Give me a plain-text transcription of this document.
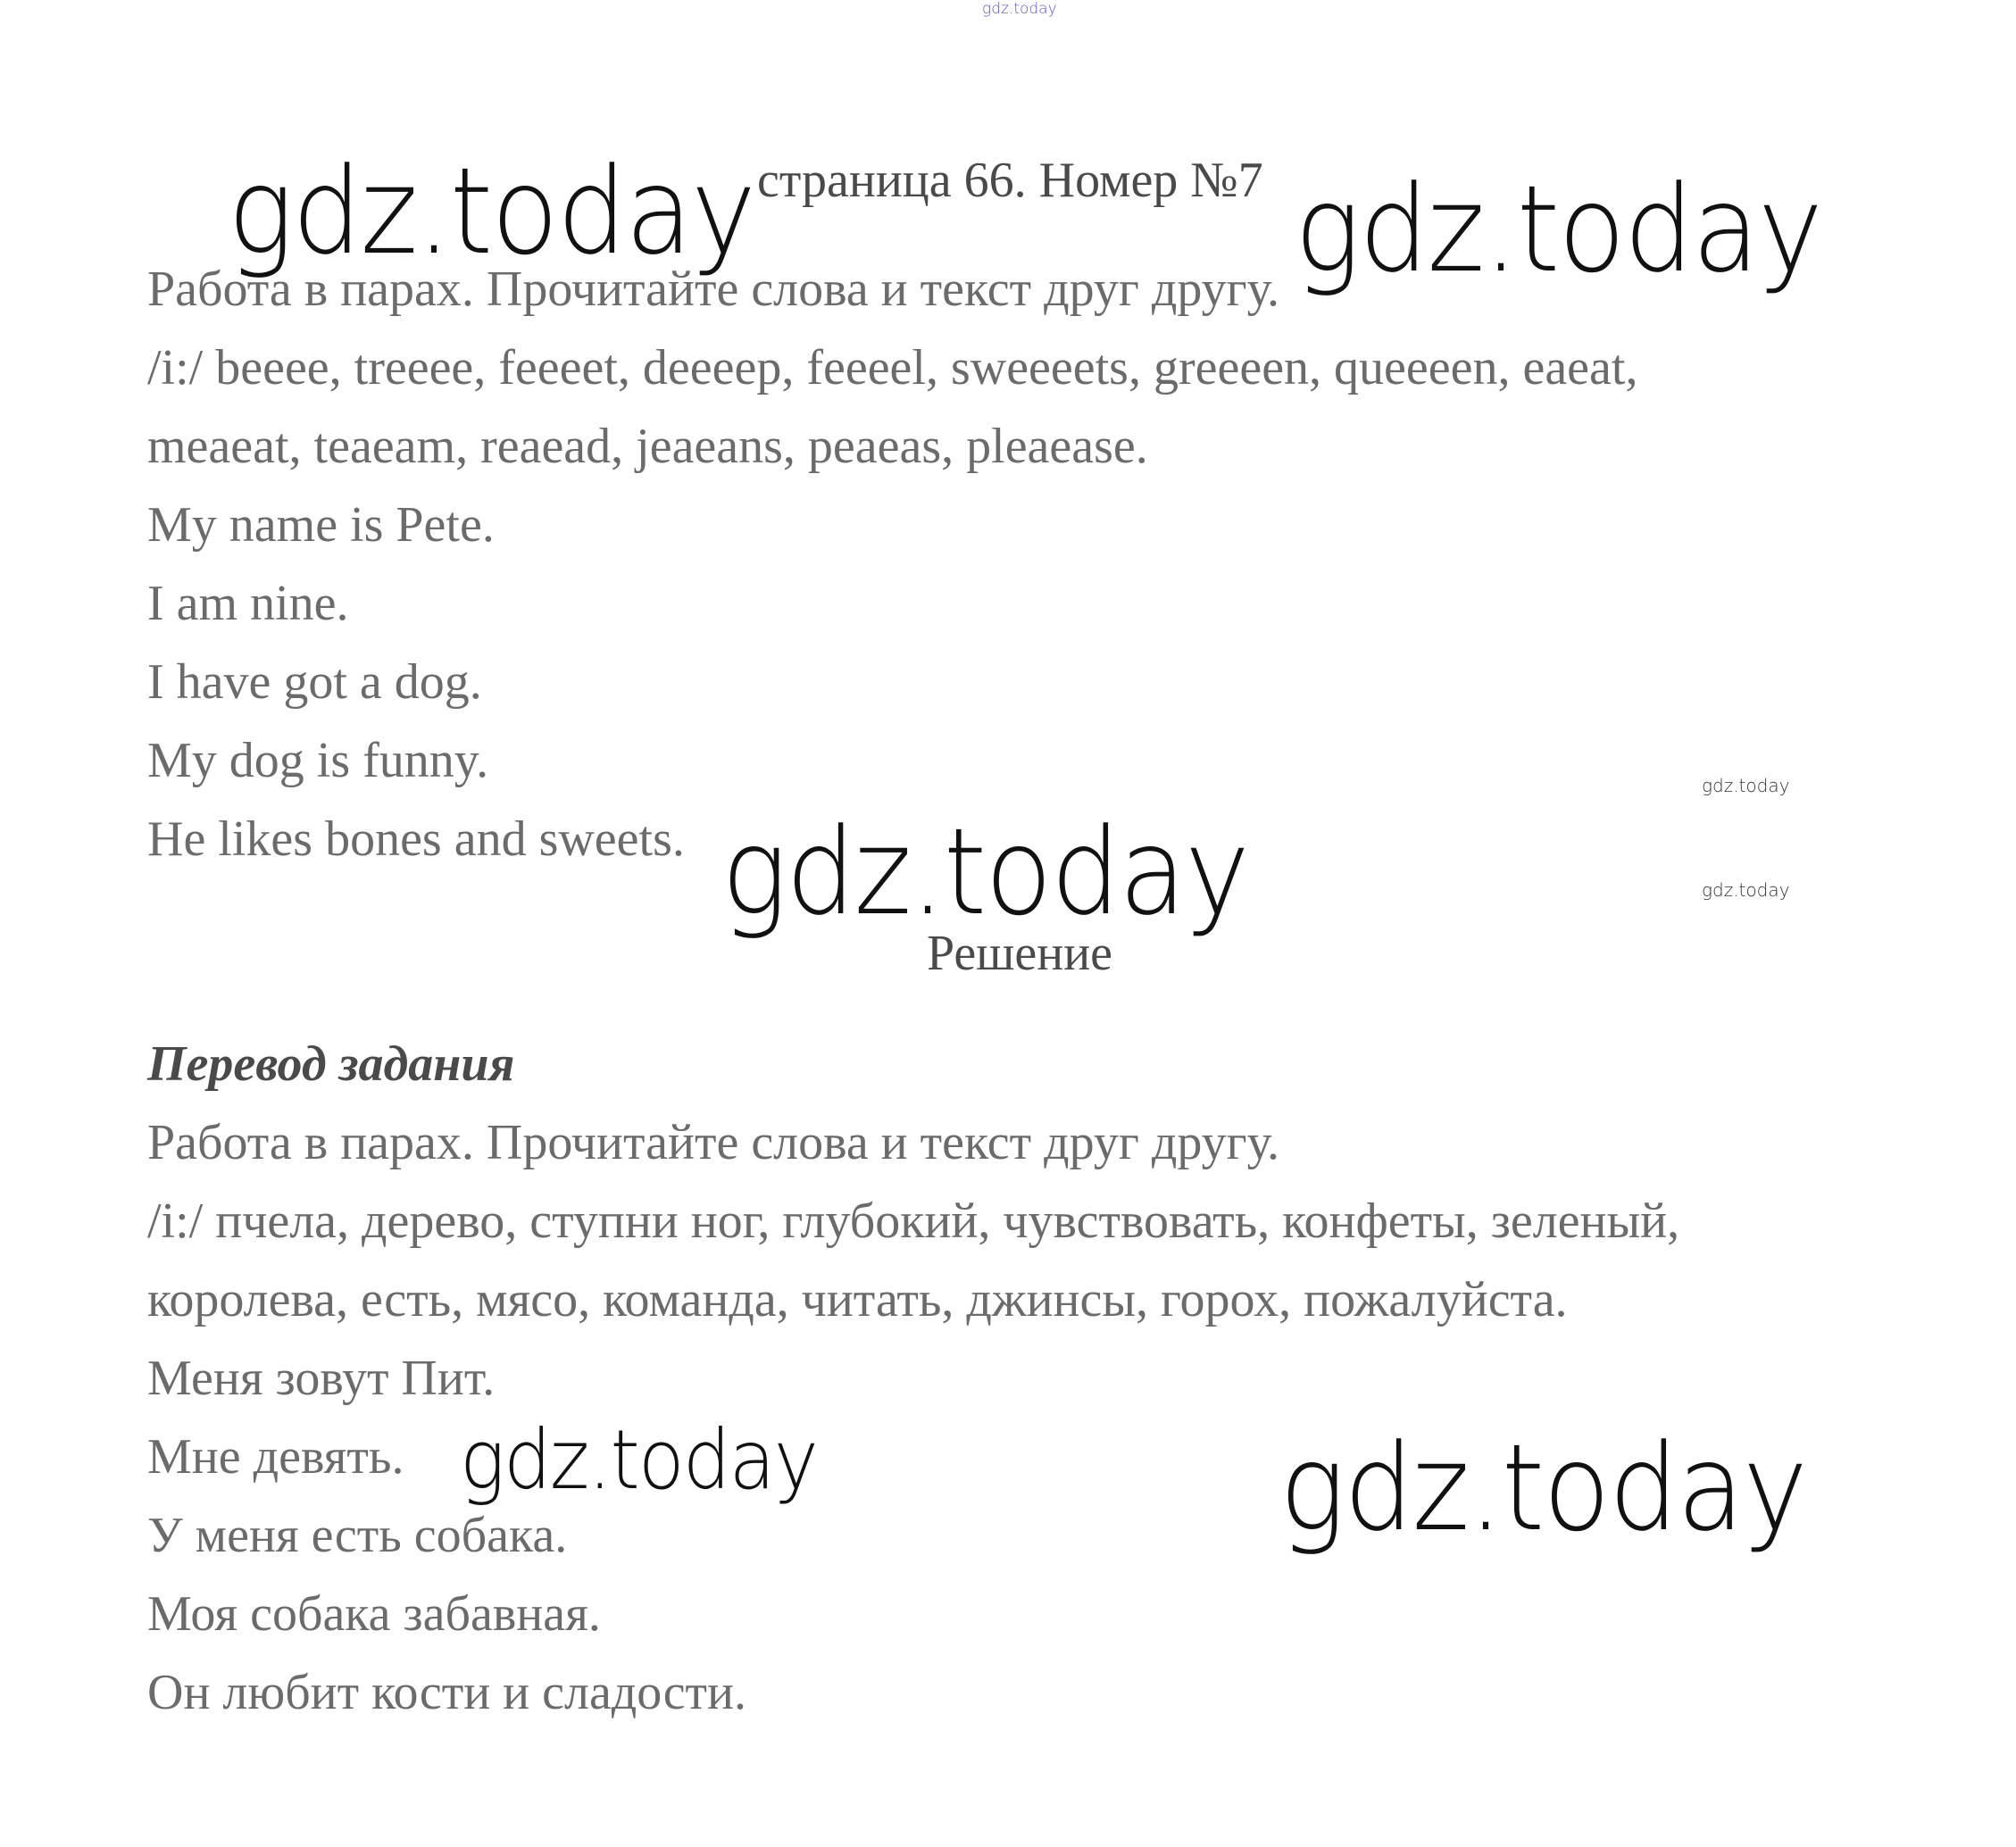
gdz.today
gdz.today	gdz.today
gdz.today
gdz.today
gdz.today
gdz.today	gdz.today
страница 66. Номер №7
Работа в парах. Прочитайте слова и текст друг другу.
/i:/ beeee, treeee, feeeet, deeeep, feeeel, sweeeets, greeeen, queeeen, eaeat,
meaeat, teaeam, reaead, jeaeans, peaeas, pleaease.
My name is Pete.
I am nine.
I have got a dog.
My dog is funny.
He likes bones and sweets.
Решение
Перевод задания
Работа в парах. Прочитайте слова и текст друг другу.
/i:/ пчела, дерево, ступни ног, глубокий, чувствовать, конфеты, зеленый,
королева, есть, мясо, команда, читать, джинсы, горох, пожалуйста.
Меня зовут Пит.
Мне девять.
У меня есть собака.
Моя собака забавная.
Он любит кости и сладости.
